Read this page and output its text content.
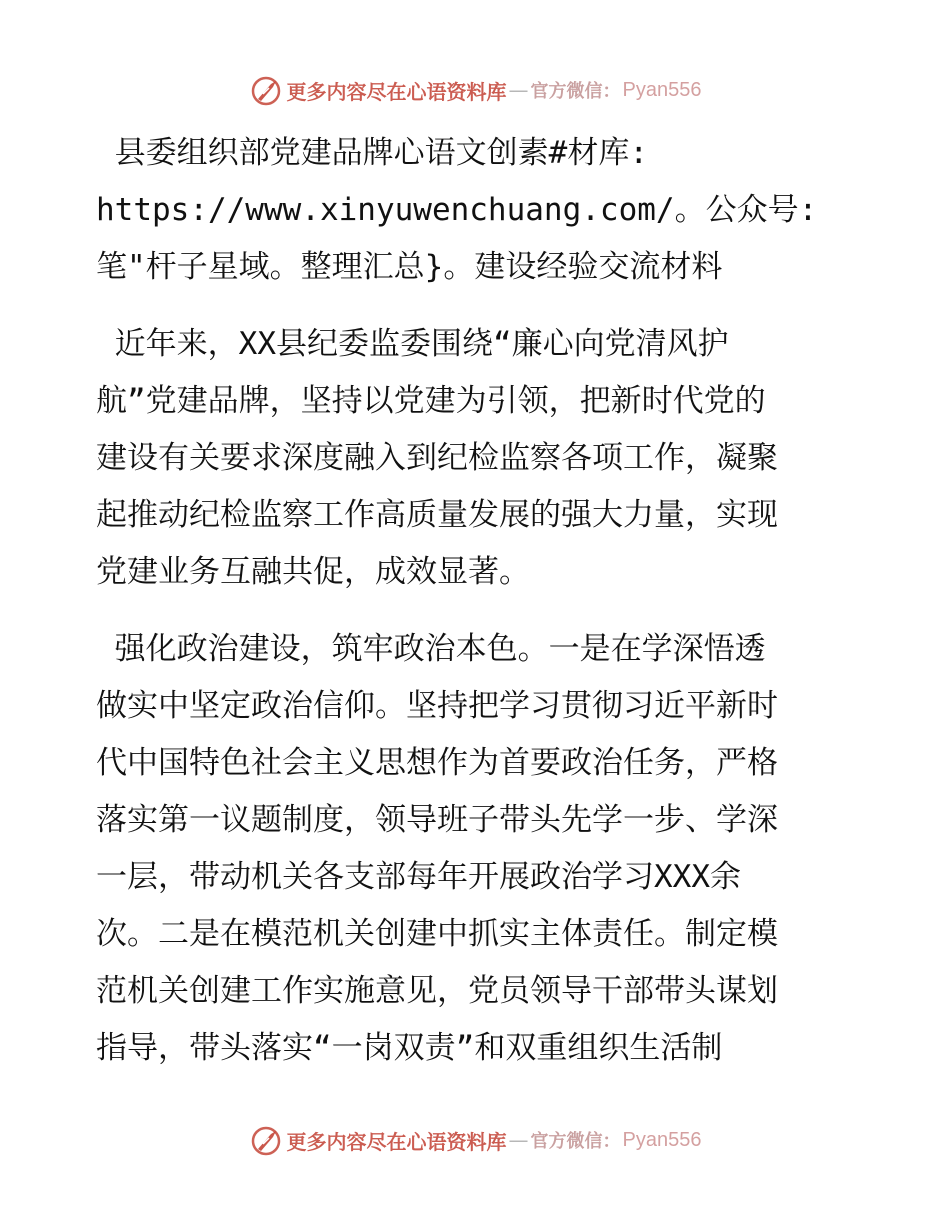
更多内容尽在心语资料库 — 官方微信： Pyan556
县委组织部党建品牌心语文创素#材库:
https://www.xinyuwenchuang.com/。公众号:
笔"杆子星域。整理汇总}。建设经验交流材料
近年来，XX县纪委监委围绕“廉心向党清风护
航”党建品牌，坚持以党建为引领，把新时代党的
建设有关要求深度融入到纪检监察各项工作，凝聚
起推动纪检监察工作高质量发展的强大力量，实现
党建业务互融共促，成效显著。
强化政治建设，筑牢政治本色。一是在学深悟透
做实中坚定政治信仰。坚持把学习贯彻习近平新时
代中国特色社会主义思想作为首要政治任务，严格
落实第一议题制度，领导班子带头先学一步、学深
一层，带动机关各支部每年开展政治学习XXX余
次。二是在模范机关创建中抓实主体责任。制定模
范机关创建工作实施意见，党员领导干部带头谋划
指导，带头落实“一岗双责”和双重组织生活制
更多内容尽在心语资料库 — 官方微信： Pyan556
